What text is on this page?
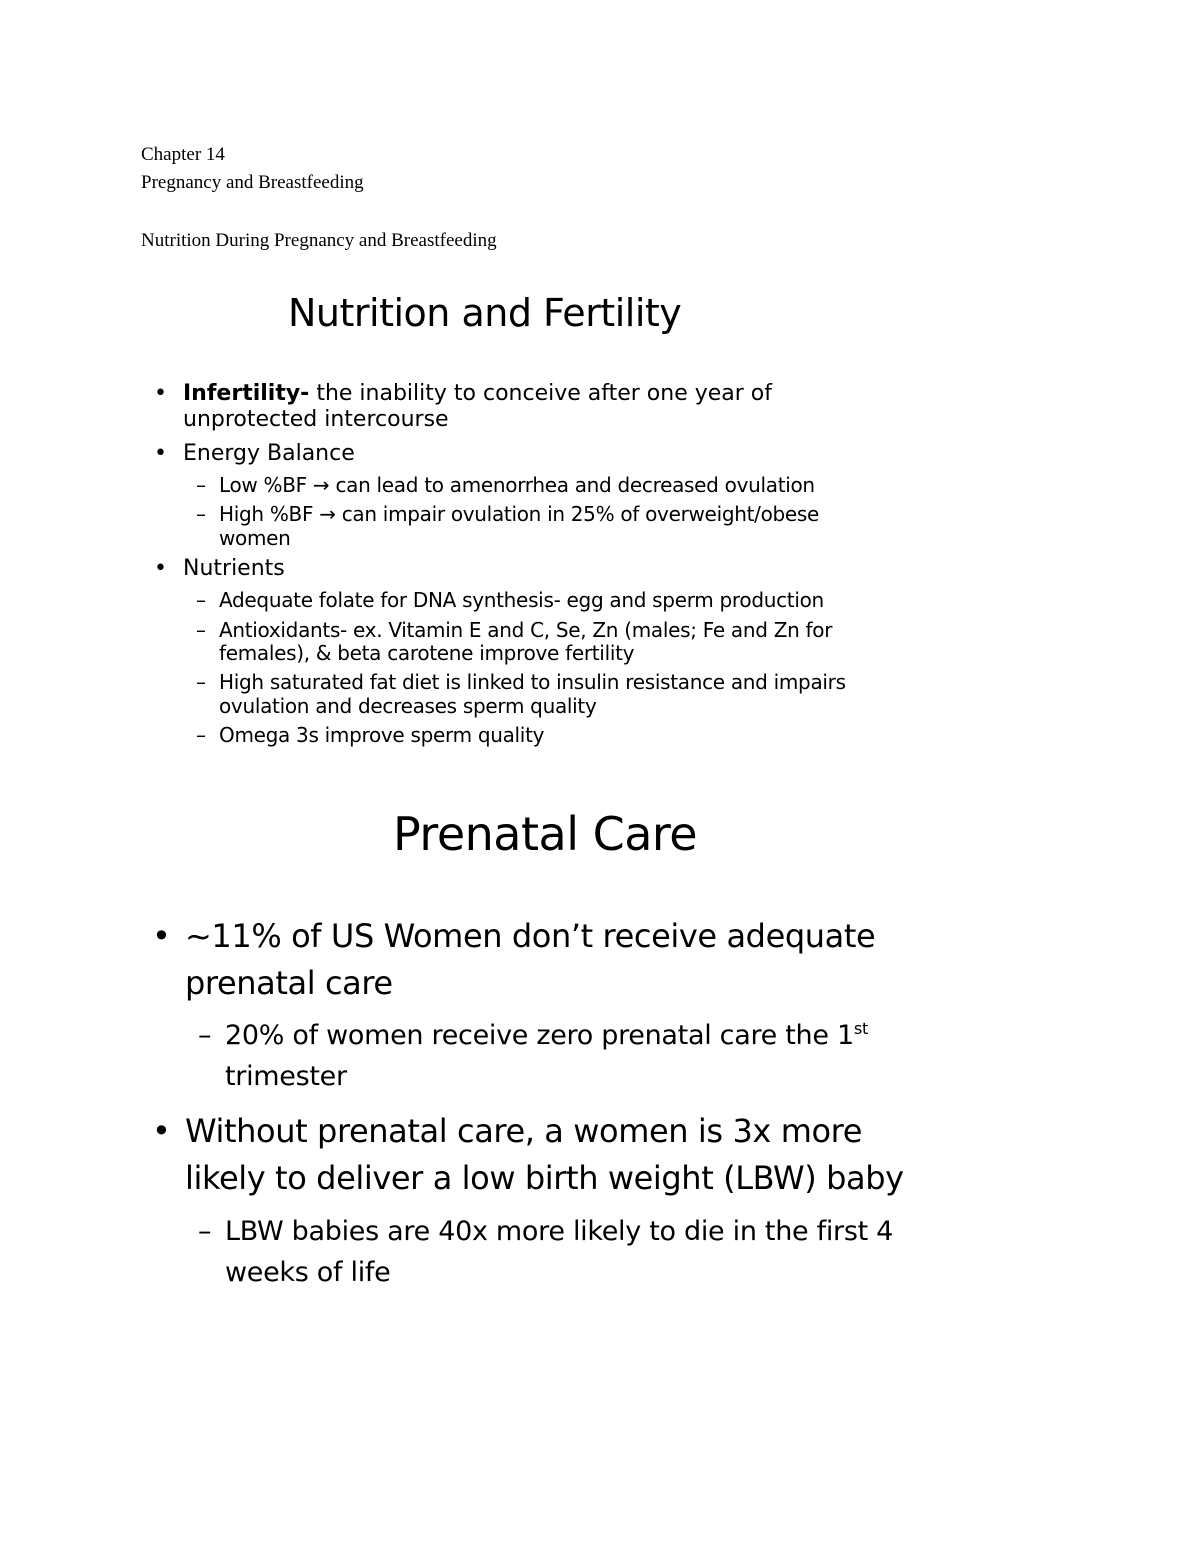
Chapter 14
Pregnancy and Breastfeeding
Nutrition During Pregnancy and Breastfeeding
Nutrition and Fertility
• Infertility- the inability to conceive after one year of
unprotected intercourse
• Energy Balance
– Low %BF → can lead to amenorrhea and decreased ovulation
– High %BF → can impair ovulation in 25% of overweight/obese
women
• Nutrients
– Adequate folate for DNA synthesis- egg and sperm production
– Antioxidants- ex. Vitamin E and C, Se, Zn (males; Fe and Zn for
females), & beta carotene improve fertility
– High saturated fat diet is linked to insulin resistance and impairs
ovulation and decreases sperm quality
– Omega 3s improve sperm quality
Prenatal Care
• ~11% of US Women don’t receive adequate
prenatal care
– 20% of women receive zero prenatal care the 1st
trimester
• Without prenatal care, a women is 3x more
likely to deliver a low birth weight (LBW) baby
– LBW babies are 40x more likely to die in the first 4
weeks of life
